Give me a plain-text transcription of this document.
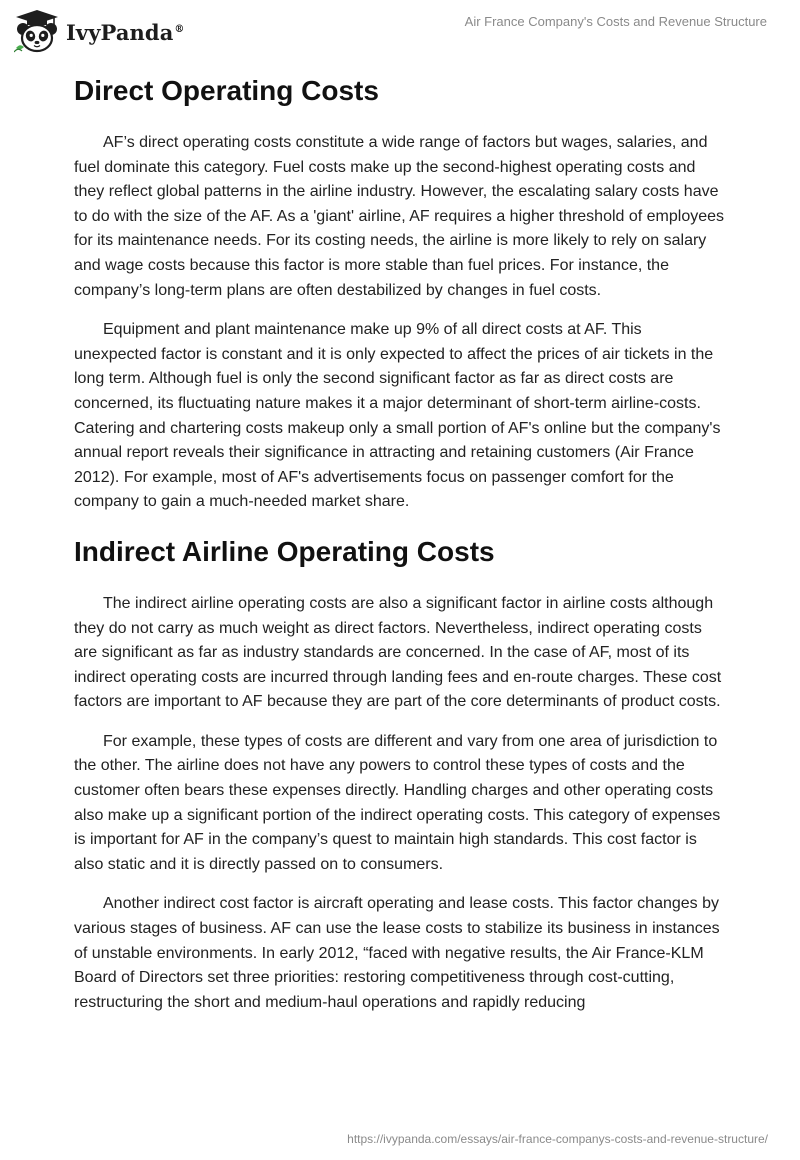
IvyPanda®	Air France Company's Costs and Revenue Structure
Direct Operating Costs

AF’s direct operating costs constitute a wide range of factors but wages, salaries, and fuel dominate this category. Fuel costs make up the second-highest operating costs and they reflect global patterns in the airline industry. However, the escalating salary costs have to do with the size of the AF. As a 'giant' airline, AF requires a higher threshold of employees for its maintenance needs. For its costing needs, the airline is more likely to rely on salary and wage costs because this factor is more stable than fuel prices. For instance, the company’s long-term plans are often destabilized by changes in fuel costs.

Equipment and plant maintenance make up 9% of all direct costs at AF. This unexpected factor is constant and it is only expected to affect the prices of air tickets in the long term. Although fuel is only the second significant factor as far as direct costs are concerned, its fluctuating nature makes it a major determinant of short-term airline-costs. Catering and chartering costs makeup only a small portion of AF's online but the company's annual report reveals their significance in attracting and retaining customers (Air France 2012). For example, most of AF's advertisements focus on passenger comfort for the company to gain a much-needed market share.

Indirect Airline Operating Costs

The indirect airline operating costs are also a significant factor in airline costs although they do not carry as much weight as direct factors. Nevertheless, indirect operating costs are significant as far as industry standards are concerned. In the case of AF, most of its indirect operating costs are incurred through landing fees and en-route charges. These cost factors are important to AF because they are part of the core determinants of product costs.

For example, these types of costs are different and vary from one area of jurisdiction to the other. The airline does not have any powers to control these types of costs and the customer often bears these expenses directly. Handling charges and other operating costs also make up a significant portion of the indirect operating costs. This category of expenses is important for AF in the company’s quest to maintain high standards. This cost factor is also static and it is directly passed on to consumers.

Another indirect cost factor is aircraft operating and lease costs. This factor changes by various stages of business. AF can use the lease costs to stabilize its business in instances of unstable environments. In early 2012, “faced with negative results, the Air France-KLM Board of Directors set three priorities: restoring competitiveness through cost-cutting, restructuring the short and medium-haul operations and rapidly reducing

https://ivypanda.com/essays/air-france-companys-costs-and-revenue-structure/
